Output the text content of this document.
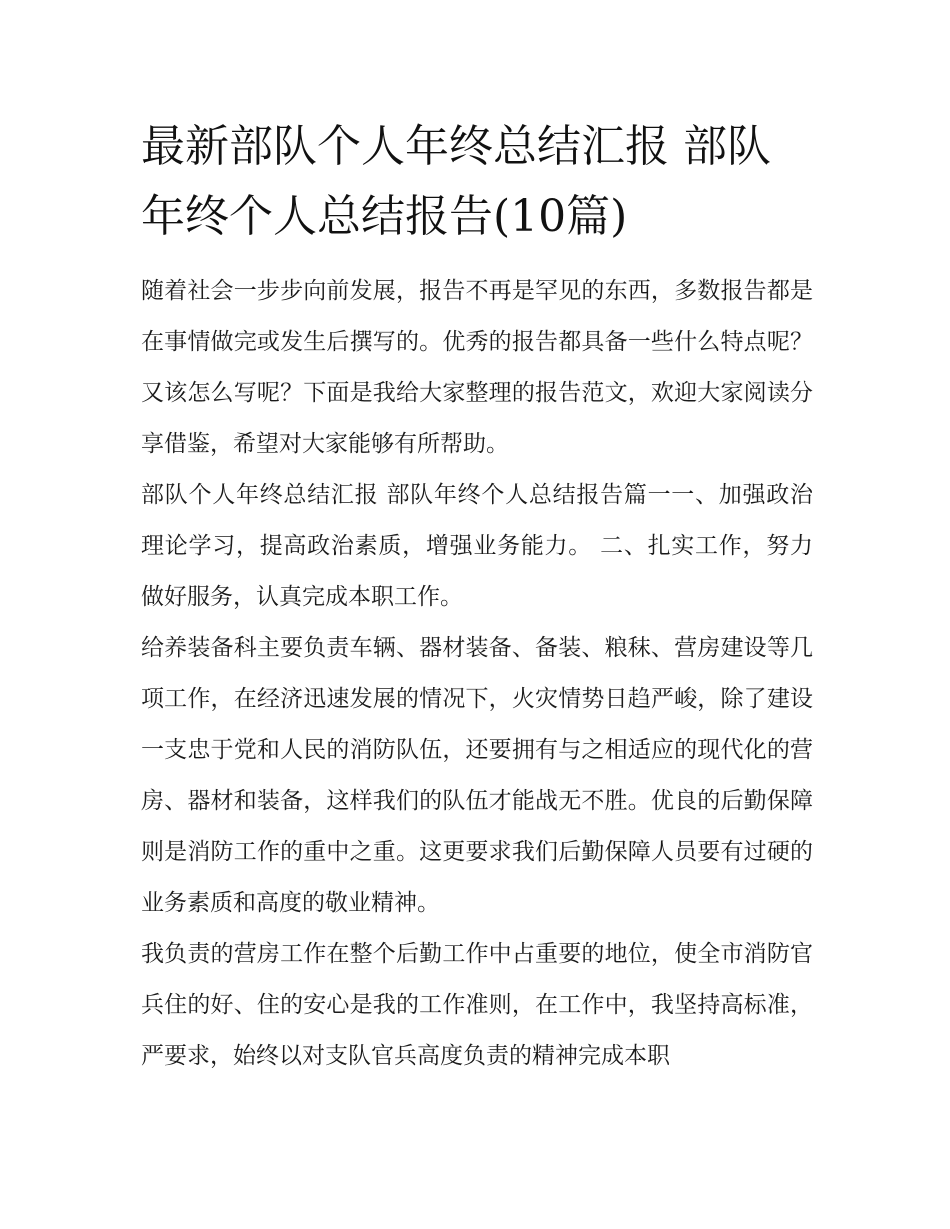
最新部队个人年终总结汇报 部队年终个人总结报告(10篇)

随着社会一步步向前发展，报告不再是罕见的东西，多数报告都是在事情做完或发生后撰写的。优秀的报告都具备一些什么特点呢？又该怎么写呢？下面是我给大家整理的报告范文，欢迎大家阅读分享借鉴，希望对大家能够有所帮助。

部队个人年终总结汇报 部队年终个人总结报告篇一一、加强政治理论学习，提高政治素质，增强业务能力。 二、扎实工作，努力做好服务，认真完成本职工作。

给养装备科主要负责车辆、器材装备、备装、粮秣、营房建设等几项工作，在经济迅速发展的情况下，火灾情势日趋严峻，除了建设一支忠于党和人民的消防队伍，还要拥有与之相适应的现代化的营房、器材和装备，这样我们的队伍才能战无不胜。优良的后勤保障则是消防工作的重中之重。这更要求我们后勤保障人员要有过硬的业务素质和高度的敬业精神。

我负责的营房工作在整个后勤工作中占重要的地位，使全市消防官兵住的好、住的安心是我的工作准则，在工作中，我坚持高标准，严要求，始终以对支队官兵高度负责的精神完成本职
